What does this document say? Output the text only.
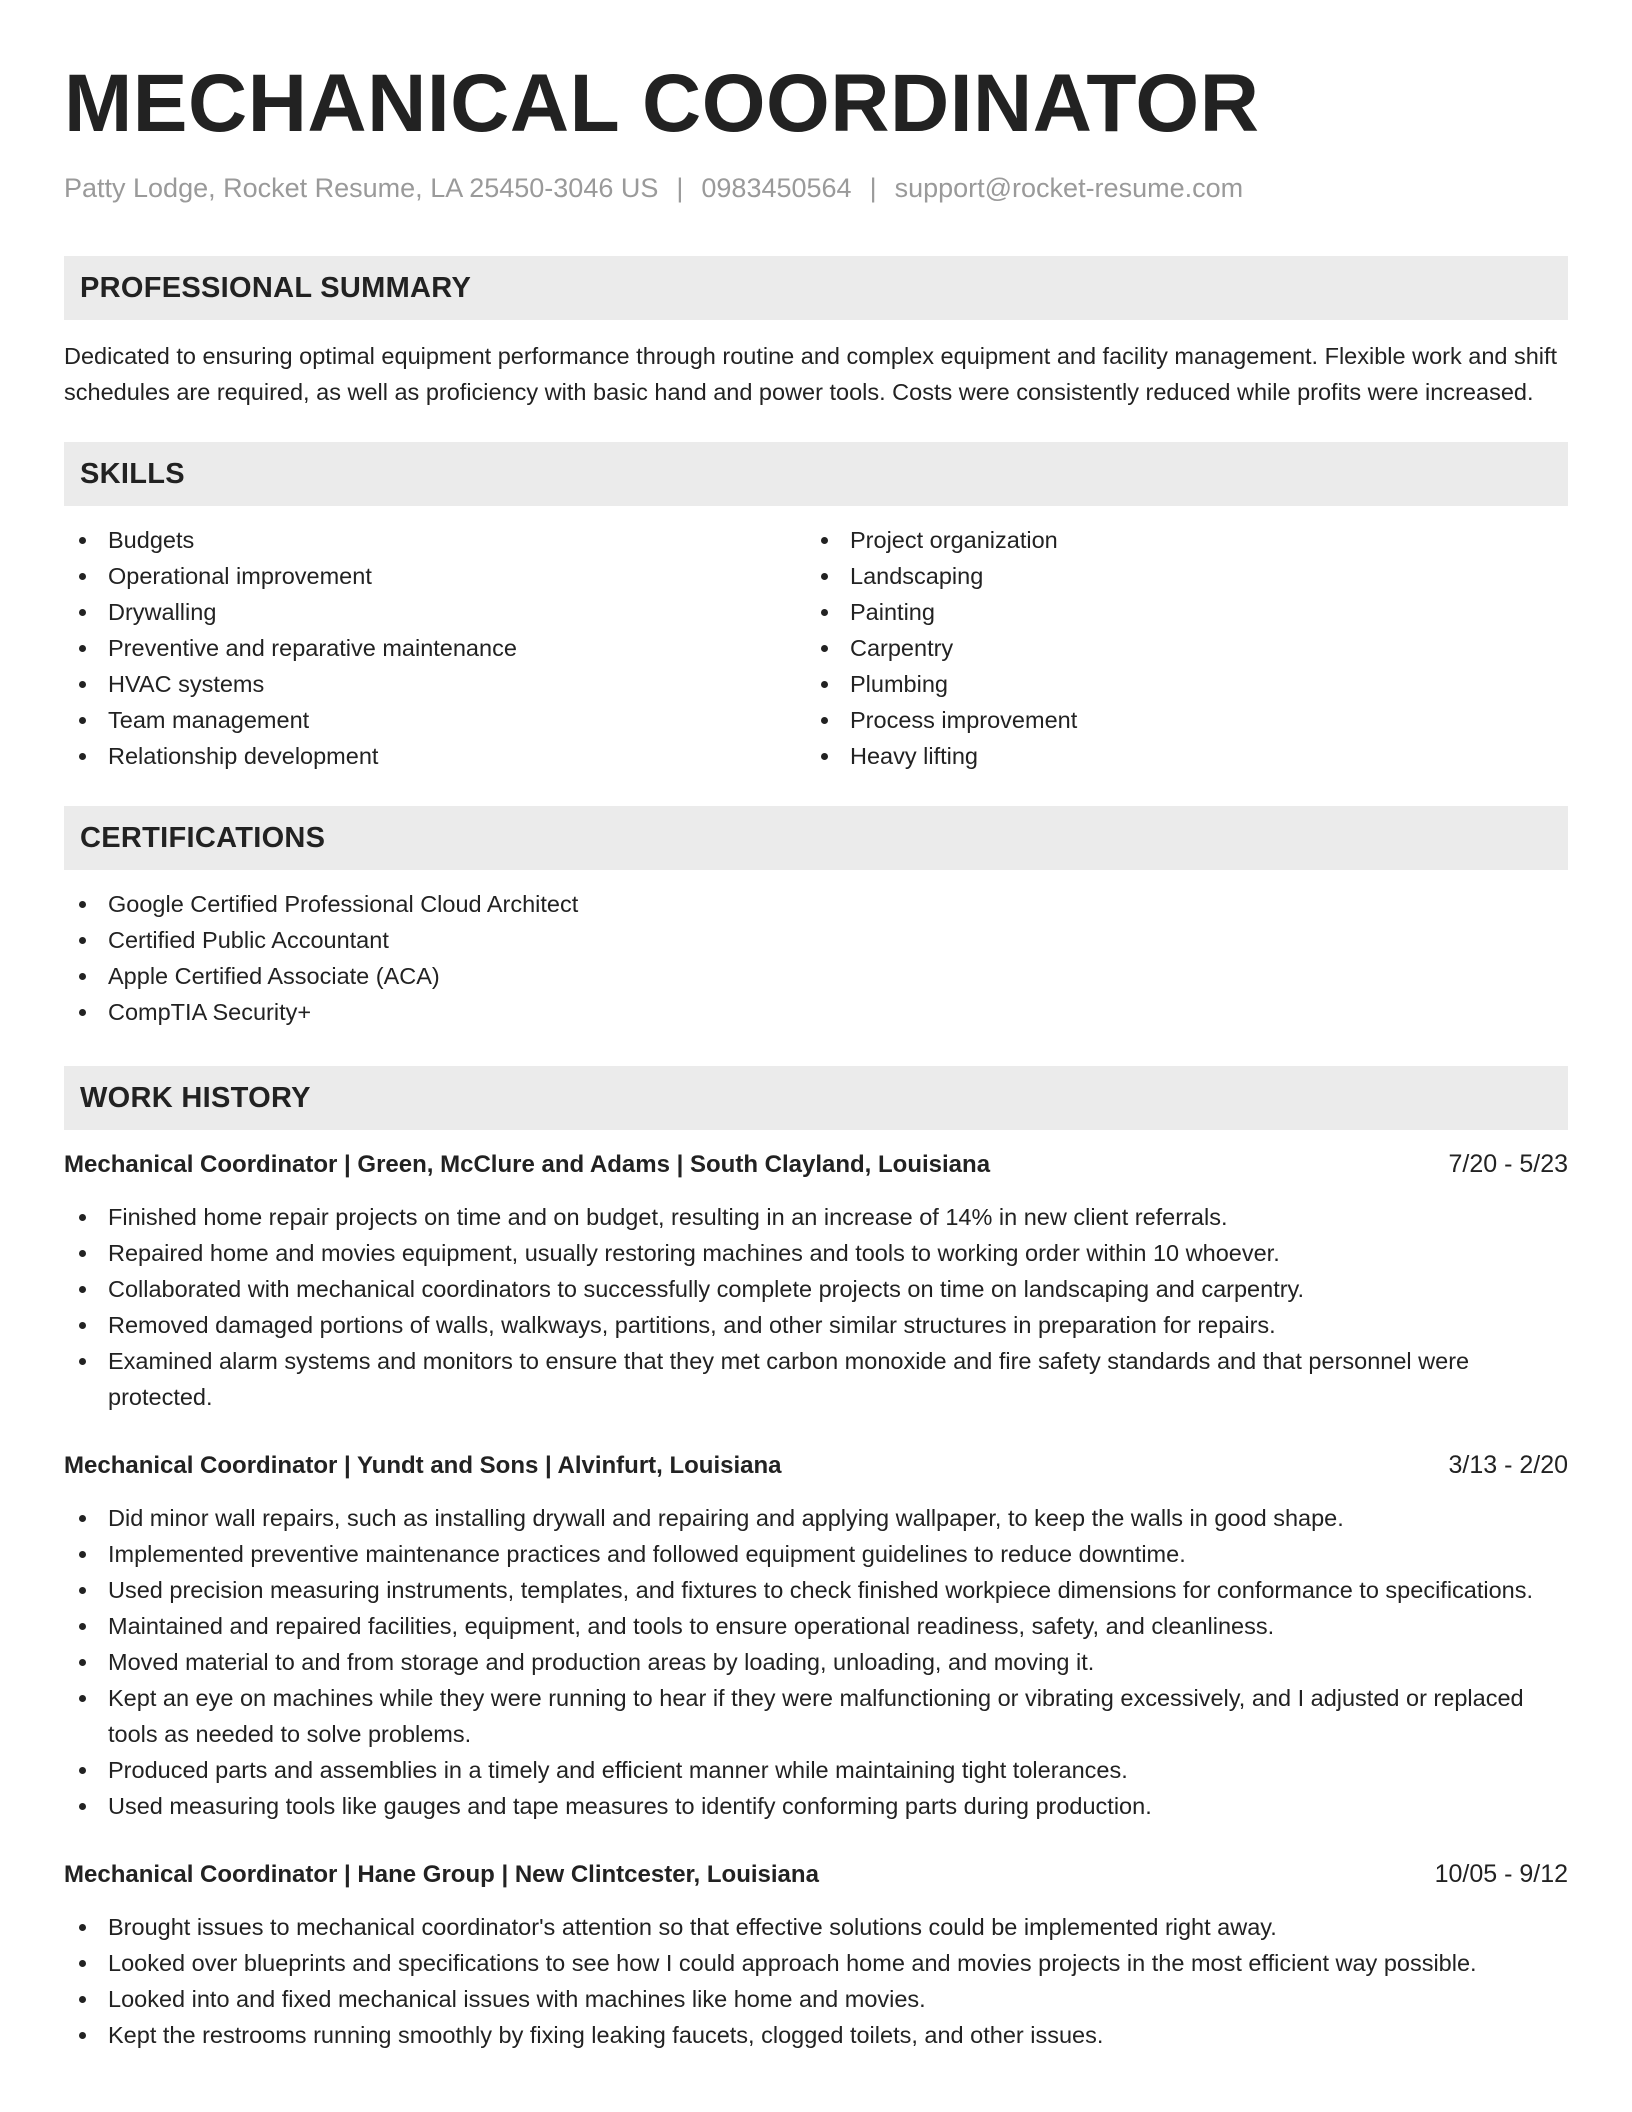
MECHANICAL COORDINATOR
Patty Lodge, Rocket Resume, LA 25450-3046 US | 0983450564 | support@rocket-resume.com
PROFESSIONAL SUMMARY

Dedicated to ensuring optimal equipment performance through routine and complex equipment and facility management. Flexible work and shift schedules are required, as well as proficiency with basic hand and power tools. Costs were consistently reduced while profits were increased.

SKILLS
Budgets
Operational improvement
Drywalling
Preventive and reparative maintenance
HVAC systems
Team management
Relationship development
Project organization
Landscaping
Painting
Carpentry
Plumbing
Process improvement
Heavy lifting
CERTIFICATIONS
Google Certified Professional Cloud Architect
Certified Public Accountant
Apple Certified Associate (ACA)
CompTIA Security+
WORK HISTORY
Mechanical Coordinator | Green, McClure and Adams | South Clayland, Louisiana	7/20 - 5/23
Finished home repair projects on time and on budget, resulting in an increase of 14% in new client referrals.
Repaired home and movies equipment, usually restoring machines and tools to working order within 10 whoever.
Collaborated with mechanical coordinators to successfully complete projects on time on landscaping and carpentry.
Removed damaged portions of walls, walkways, partitions, and other similar structures in preparation for repairs.
Examined alarm systems and monitors to ensure that they met carbon monoxide and fire safety standards and that personnel were protected.
Mechanical Coordinator | Yundt and Sons | Alvinfurt, Louisiana	3/13 - 2/20
Did minor wall repairs, such as installing drywall and repairing and applying wallpaper, to keep the walls in good shape.
Implemented preventive maintenance practices and followed equipment guidelines to reduce downtime.
Used precision measuring instruments, templates, and fixtures to check finished workpiece dimensions for conformance to specifications.
Maintained and repaired facilities, equipment, and tools to ensure operational readiness, safety, and cleanliness.
Moved material to and from storage and production areas by loading, unloading, and moving it.
Kept an eye on machines while they were running to hear if they were malfunctioning or vibrating excessively, and I adjusted or replaced tools as needed to solve problems.
Produced parts and assemblies in a timely and efficient manner while maintaining tight tolerances.
Used measuring tools like gauges and tape measures to identify conforming parts during production.
Mechanical Coordinator | Hane Group | New Clintcester, Louisiana	10/05 - 9/12
Brought issues to mechanical coordinator's attention so that effective solutions could be implemented right away.
Looked over blueprints and specifications to see how I could approach home and movies projects in the most efficient way possible.
Looked into and fixed mechanical issues with machines like home and movies.
Kept the restrooms running smoothly by fixing leaking faucets, clogged toilets, and other issues.
